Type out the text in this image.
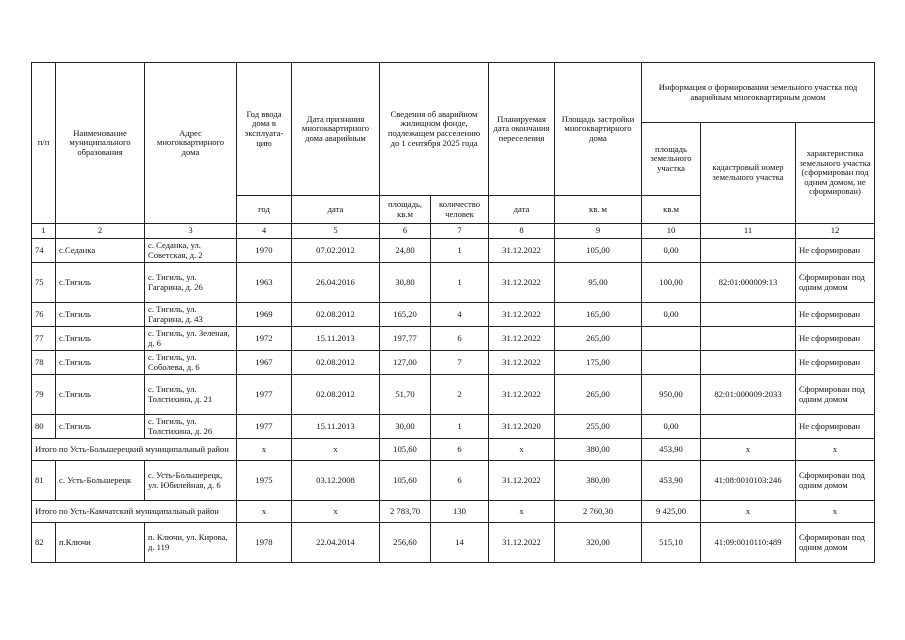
п/п	Наименование муниципального образования	Адрес многоквартирного дома	Год ввода дома в эксплуата-цию	Дата признания многоквартирного дома аварийным	Сведения об аварийном жилищном фонде, подлежащем расселению до 1 сентября 2025 года		Планируемая дата окончания переселения	Площадь застройки многоквартирного дома	Информация о формировании земельного участка под аварийным многоквартирным домом		
									площадь земельного участка	кадастровый номер земельного участка	характеристика земельного участка (сформирован под одним домом, не сформирован)
			год	дата	площадь, кв.м	количество человек	дата	кв. м	кв.м		
1	2	3	4	5	6	7	8	9	10	11	12
74	с.Седанка	с. Седанка, ул. Советская, д. 2	1970	07.02.2012	24,80	1	31.12.2022	105,00	0,00		Не сформирован
75	с.Тигиль	с. Тигиль, ул. Гагарина, д. 26	1963	26.04.2016	30,80	1	31.12.2022	95,00	100,00	82:01:000009:13	Сформирован под одним домом
76	с.Тигиль	с. Тигиль, ул. Гагарина, д. 43	1969	02.08.2012	165,20	4	31.12.2022	165,00	0,00		Не сформирован
77	с.Тигиль	с. Тигиль, ул. Зеленая, д. 6	1972	15.11.2013	197,77	6	31.12.2022	265,00			Не сформирован
78	с.Тигиль	с. Тигиль, ул. Соболева, д. 6	1967	02.08.2012	127,00	7	31.12.2022	175,00			Не сформирован
79	с.Тигиль	с. Тигиль, ул. Толстихина, д. 21	1977	02.08.2012	51,70	2	31.12.2022	265,00	950,00	82:01:000009:2033	Сформирован под одним домом
80	с.Тигиль	с. Тигиль, ул. Толстихина, д. 26	1977	15.11.2013	30,00	1	31.12.2020	255,00	0,00		Не сформирован
Итого по Усть-Большерецкий муниципальный район			x	x	105,60	6	x	380,00	453,90	x	x
81	с. Усть-Большерецк	с. Усть-Большерецк, ул. Юбилейная, д. 6	1975	03.12.2008	105,60	6	31.12.2022	380,00	453,90	41:08:0010103:246	Сформирован под одним домом
Итого по Усть-Камчатский муниципальный район			x	x	2 783,70	130	x	2 760,30	9 425,00	x	x
82	п.Ключи	п. Ключи, ул. Кирова, д. 119	1978	22.04.2014	256,60	14	31.12.2022	320,00	515,10	41:09:0010110:489	Сформирован под одним домом
